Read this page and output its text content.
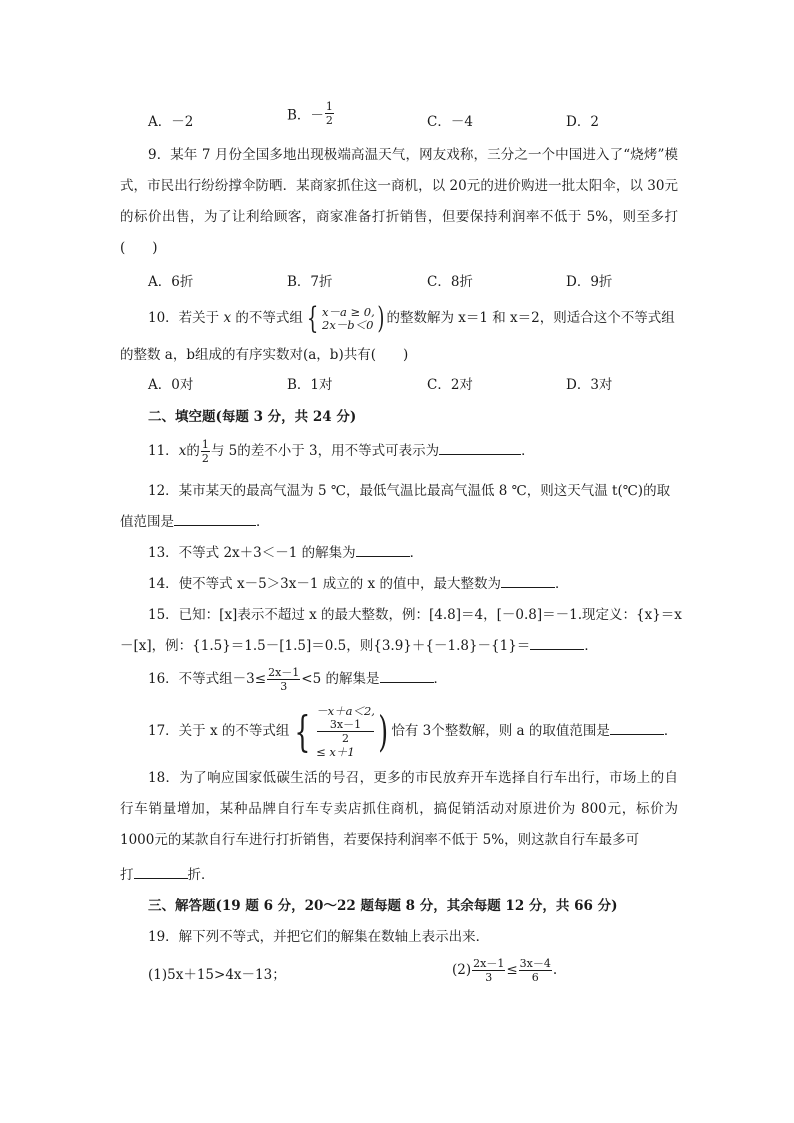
A．－2	B．－ $\frac{1}{2}$	C．－4	D．2
9．某年 7 月份全国多地出现极端高温天气，网友戏称，三分之一个中国进入了“烧烤”模式，市民出行纷纷撑伞防晒．某商家抓住这一商机，以 20元的进价购进一批太阳伞，以 30元的标价出售，为了让利给顾客，商家准备打折销售，但要保持利润率不低于 5%，则至多打(　　)
A．6折	B．7折	C．8折	D．9折
10．若关于 x 的不等式组 { x－a ≥ 0,
2x－b＜0 ) 的整数解为 x＝1 和 x＝2，则适合这个不等式组
的整数 a，b组成的有序实数对(a，b)共有(　　)
A．0对	B．1对	C．2对	D．3对
二、填空题(每题 3 分，共 24 分)
11．x的 $\frac{1}{2}$ 与 5的差不小于 3，用不等式可表示为	．
12．某市某天的最高气温为 5 ℃，最低气温比最高气温低 8 ℃，则这天气温 t(℃)的取
值范围是	．
13．不等式 2x＋3＜－1 的解集为	．
14．使不等式 x－5＞3x－1 成立的 x 的值中，最大整数为	．
15．已知：[x]表示不超过 x 的最大整数，例：[4.8]＝4，[－0.8]＝－1.现定义：{x}＝x
－[x]，例：{1.5}＝1.5－[1.5]＝0.5，则{3.9}＋{－1.8}－{1}＝	．
16．不等式组$-3\le \frac{2x-1}{3} <5$ 的解集是	．
17．关于 x 的不等式组 { －x＋a＜2,
3x－1
2
≤ x＋1 ) 恰有 3个整数解，则 a 的取值范围是	．
18．为了响应国家低碳生活的号召，更多的市民放弃开车选择自行车出行，市场上的自行车销量增加，某种品牌自行车专卖店抓住商机，搞促销活动对原进价为 800元，标价为 1000元的某款自行车进行打折销售，若要保持利润率不低于 5%，则这款自行车最多可
打	折．
三、解答题(19 题 6 分，20～22 题每题 8 分，其余每题 12 分，共 66 分)
19．解下列不等式，并把它们的解集在数轴上表示出来．
(1)5x＋15>4x－13；	$(2) \frac{2x-1}{3} \le \frac{3x-4}{6}$ .
